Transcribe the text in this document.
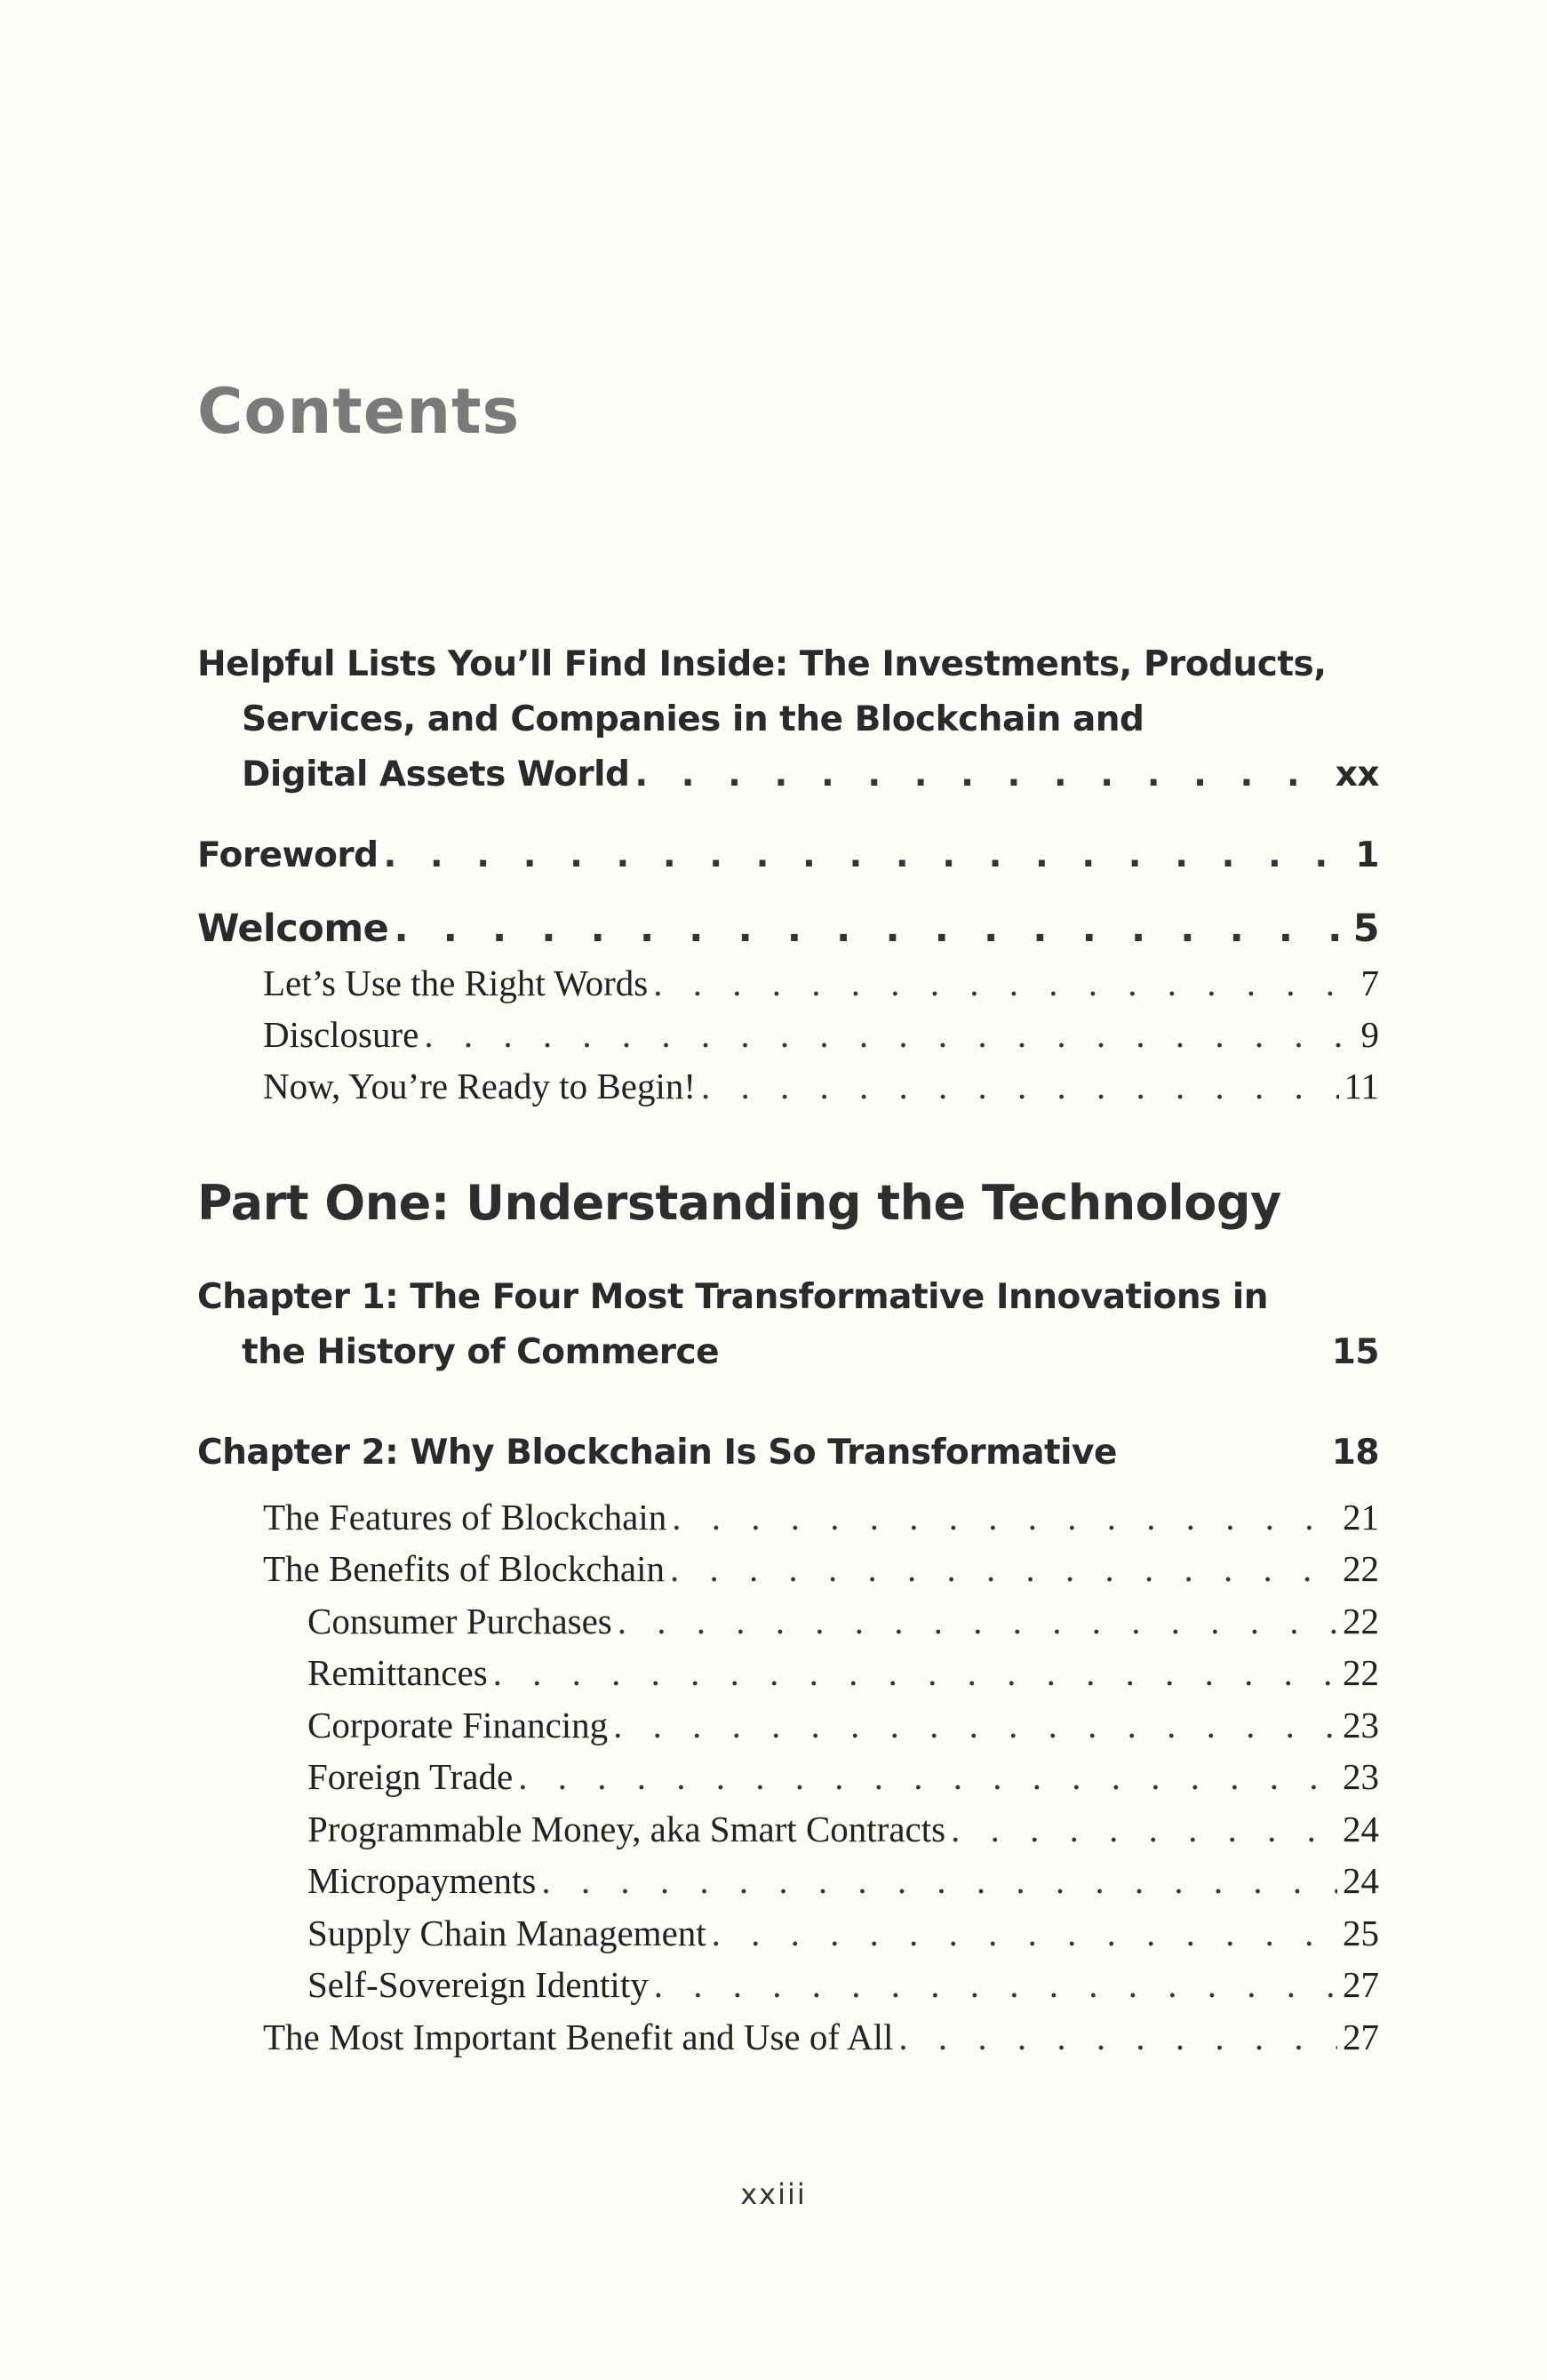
Contents
Helpful Lists You’ll Find Inside: The Investments, Products,
Services, and Companies in the Blockchain and
Digital Assets World . . .	xx
Foreword . . .	1
Welcome . . .	5
Let’s Use the Right Words . . .	7
Disclosure . . .	9
Now, You’re Ready to Begin! . . .	11
Part One: Understanding the Technology
Chapter 1: The Four Most Transformative Innovations in
the History of Commerce	15
Chapter 2: Why Blockchain Is So Transformative	18
The Features of Blockchain . . .	21
The Benefits of Blockchain . . .	22
Consumer Purchases . . .	22
Remittances . . .	22
Corporate Financing . . .	23
Foreign Trade . . .	23
Programmable Money, aka Smart Contracts . . .	24
Micropayments . . .	24
Supply Chain Management . . .	25
Self-Sovereign Identity . . .	27
The Most Important Benefit and Use of All . . .	27
xxiii
